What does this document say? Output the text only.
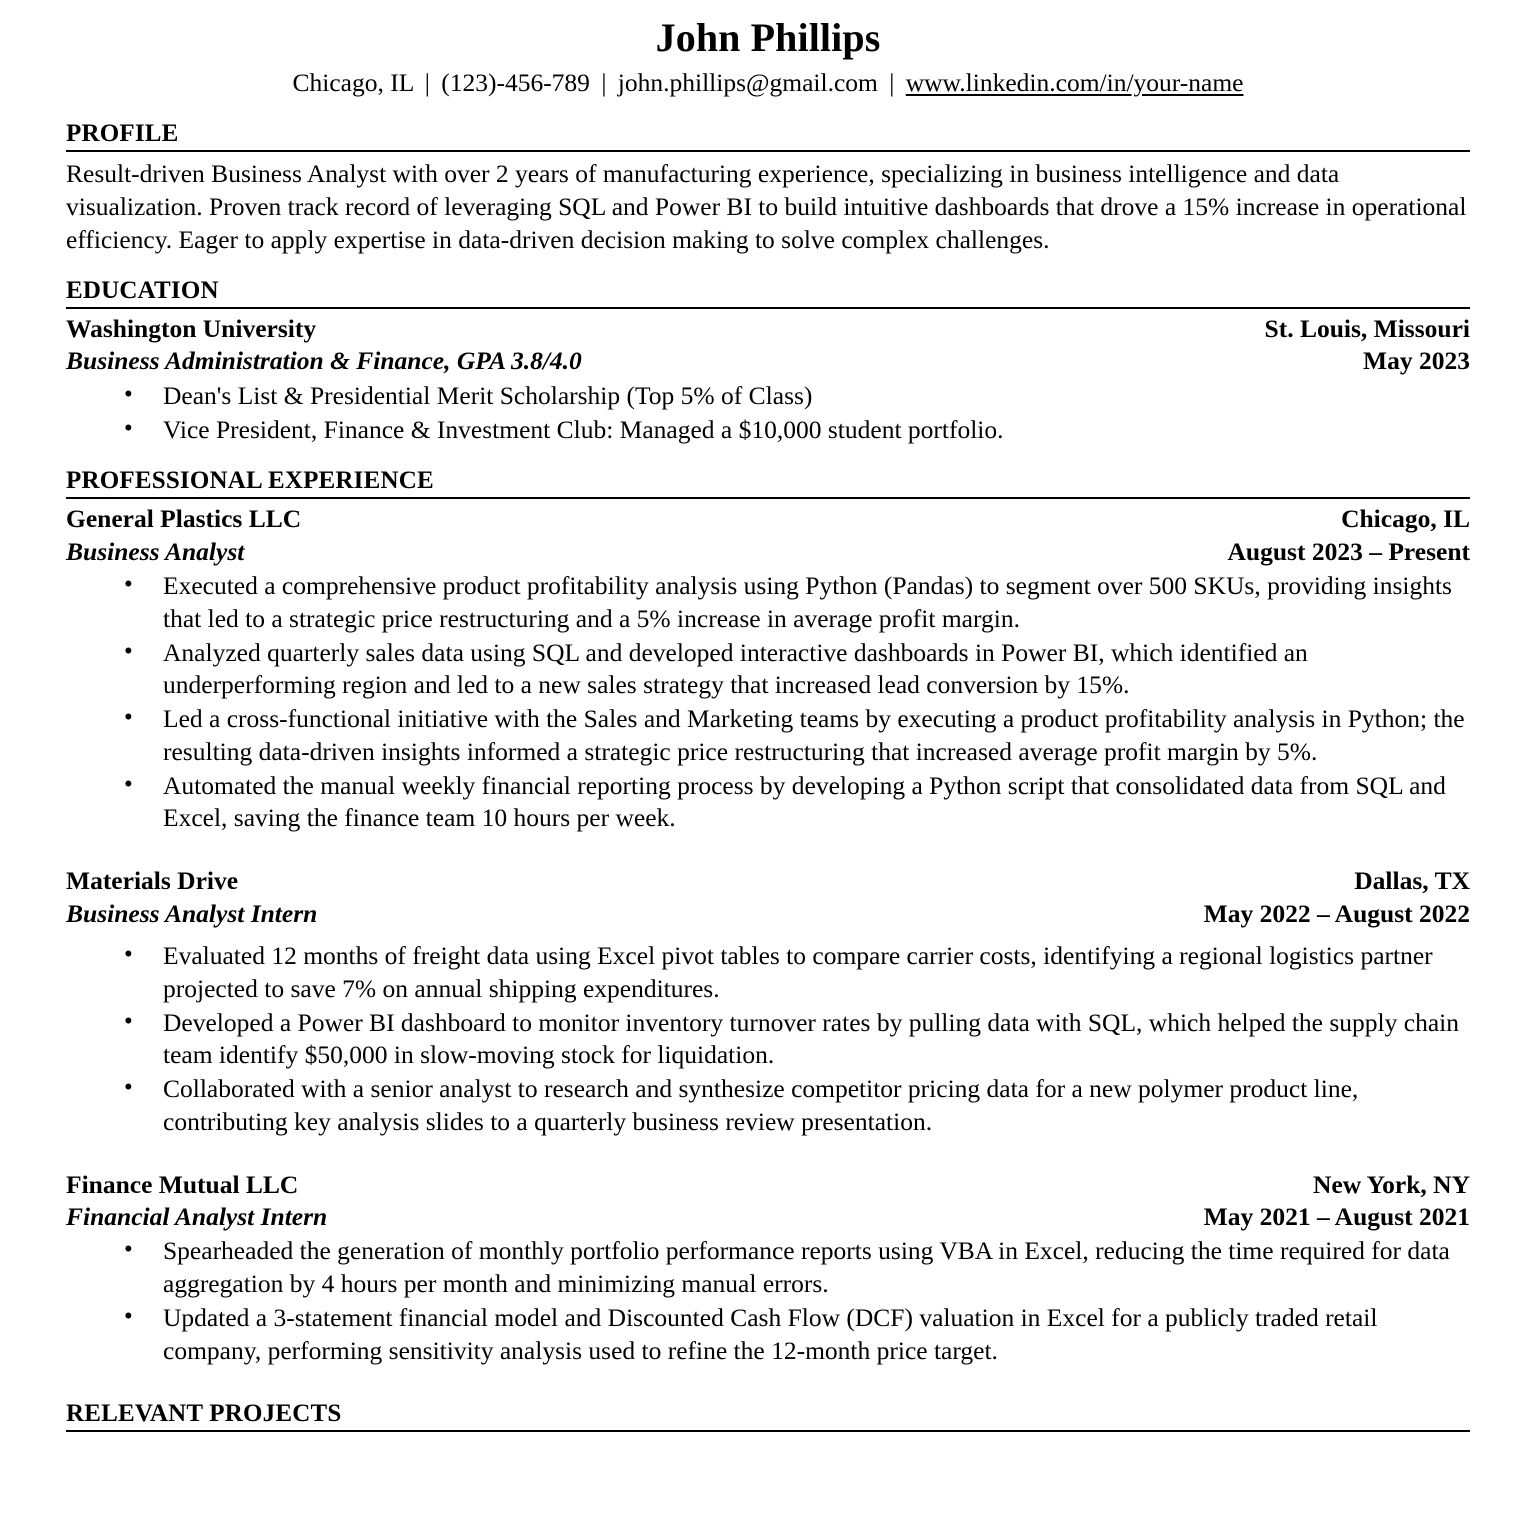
John Phillips
Chicago, IL | (123)-456-789 | john.phillips@gmail.com | www.linkedin.com/in/your-name
PROFILE
Result-driven Business Analyst with over 2 years of manufacturing experience, specializing in business intelligence and data visualization. Proven track record of leveraging SQL and Power BI to build intuitive dashboards that drove a 15% increase in operational efficiency. Eager to apply expertise in data-driven decision making to solve complex challenges.
EDUCATION
Washington University	St. Louis, Missouri
Business Administration & Finance, GPA 3.8/4.0	May 2023
• Dean's List & Presidential Merit Scholarship (Top 5% of Class)
• Vice President, Finance & Investment Club: Managed a $10,000 student portfolio.
PROFESSIONAL EXPERIENCE
General Plastics LLC	Chicago, IL
Business Analyst	August 2023 – Present
• Executed a comprehensive product profitability analysis using Python (Pandas) to segment over 500 SKUs, providing insights that led to a strategic price restructuring and a 5% increase in average profit margin.
• Analyzed quarterly sales data using SQL and developed interactive dashboards in Power BI, which identified an underperforming region and led to a new sales strategy that increased lead conversion by 15%.
• Led a cross-functional initiative with the Sales and Marketing teams by executing a product profitability analysis in Python; the resulting data-driven insights informed a strategic price restructuring that increased average profit margin by 5%.
• Automated the manual weekly financial reporting process by developing a Python script that consolidated data from SQL and Excel, saving the finance team 10 hours per week.
Materials Drive	Dallas, TX
Business Analyst Intern	May 2022 – August 2022
• Evaluated 12 months of freight data using Excel pivot tables to compare carrier costs, identifying a regional logistics partner projected to save 7% on annual shipping expenditures.
• Developed a Power BI dashboard to monitor inventory turnover rates by pulling data with SQL, which helped the supply chain team identify $50,000 in slow-moving stock for liquidation.
• Collaborated with a senior analyst to research and synthesize competitor pricing data for a new polymer product line, contributing key analysis slides to a quarterly business review presentation.
Finance Mutual LLC	New York, NY
Financial Analyst Intern	May 2021 – August 2021
• Spearheaded the generation of monthly portfolio performance reports using VBA in Excel, reducing the time required for data aggregation by 4 hours per month and minimizing manual errors.
• Updated a 3-statement financial model and Discounted Cash Flow (DCF) valuation in Excel for a publicly traded retail company, performing sensitivity analysis used to refine the 12-month price target.
RELEVANT PROJECTS
